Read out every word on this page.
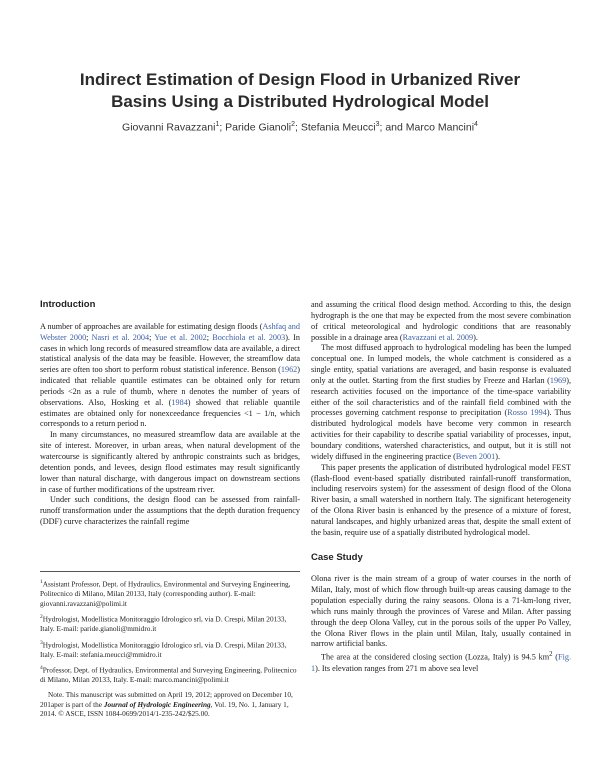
Indirect Estimation of Design Flood in Urbanized River
Basins Using a Distributed Hydrological Model
Giovanni Ravazzani$^1$; Paride Gianoli$^2$; Stefania Meucci$^3$; and Marco Mancini$^4$
Introduction

A number of approaches are available for estimating design floods (Ashfaq and Webster 2000; Nasri et al. 2004; Yue et al. 2002; Bocchiola et al. 2003). In cases in which long records of measured streamflow data are available, a direct statistical analysis of the data may be feasible. However, the streamflow data series are often too short to perform robust statistical inference. Benson (1962) indicated that reliable quantile estimates can be obtained only for return periods <2n as a rule of thumb, where n denotes the number of years of observations. Also, Hosking et al. (1984) showed that reliable quantile estimates are obtained only for nonexceedance frequencies <1 − 1/n, which corresponds to a return period n.

In many circumstances, no measured streamflow data are available at the site of interest. Moreover, in urban areas, when natural development of the watercourse is significantly altered by anthropic constraints such as bridges, detention ponds, and levees, design flood estimates may result significantly lower than natural discharge, with dangerous impact on downstream sections in case of further modifications of the upstream river.

Under such conditions, the design flood can be assessed from rainfall-runoff transformation under the assumptions that the depth duration frequency (DDF) curve characterizes the rainfall regime

$^1$Assistant Professor, Dept. of Hydraulics, Environmental and Surveying Engineering, Politecnico di Milano, Milan 20133, Italy (corresponding author). E-mail: giovanni.ravazzani@polimi.it

$^2$Hydrologist, Modellistica Monitoraggio Idrologico srl, via D. Crespi, Milan 20133, Italy. E-mail: paride.gianoli@mmidro.it

$^3$Hydrologist, Modellistica Monitoraggio Idrologico srl, via D. Crespi, Milan 20133, Italy. E-mail: stefania.meucci@mmidro.it

$^4$Professor, Dept. of Hydraulics, Environmental and Surveying Engineering, Politecnico di Milano, Milan 20133, Italy. E-mail: marco.mancini@polimi.it

Note. This manuscript was submitted on April 19, 2012; approved on December 10, 201aper is part of the Journal of Hydrologic Engineering, Vol. 19, No. 1, January 1, 2014. © ASCE, ISSN 1084-0699/2014/1-235-242/$25.00.

and assuming the critical flood design method. According to this, the design hydrograph is the one that may be expected from the most severe combination of critical meteorological and hydrologic conditions that are reasonably possible in a drainage area (Ravazzani et al. 2009).

The most diffused approach to hydrological modeling has been the lumped conceptual one. In lumped models, the whole catchment is considered as a single entity, spatial variations are averaged, and basin response is evaluated only at the outlet. Starting from the first studies by Freeze and Harlan (1969), research activities focused on the importance of the time-space variability either of the soil characteristics and of the rainfall field combined with the processes governing catchment response to precipitation (Rosso 1994). Thus distributed hydrological models have become very common in research activities for their capability to describe spatial variability of processes, input, boundary conditions, watershed characteristics, and output, but it is still not widely diffused in the engineering practice (Beven 2001).

This paper presents the application of distributed hydrological model FEST (flash-flood event-based spatially distributed rainfall-runoff transformation, including reservoirs system) for the assessment of design flood of the Olona River basin, a small watershed in northern Italy. The significant heterogeneity of the Olona River basin is enhanced by the presence of a mixture of forest, natural landscapes, and highly urbanized areas that, despite the small extent of the basin, require use of a spatially distributed hydrological model.

Case Study

Olona river is the main stream of a group of water courses in the north of Milan, Italy, most of which flow through built-up areas causing damage to the population especially during the rainy seasons. Olona is a 71-km-long river, which runs mainly through the provinces of Varese and Milan. After passing through the deep Olona Valley, cut in the porous soils of the upper Po Valley, the Olona River flows in the plain until Milan, Italy, usually contained in narrow artificial banks.

The area at the considered closing section (Lozza, Italy) is 94.5 $km^2$ (Fig. 1). Its elevation ranges from 271 m above sea level
